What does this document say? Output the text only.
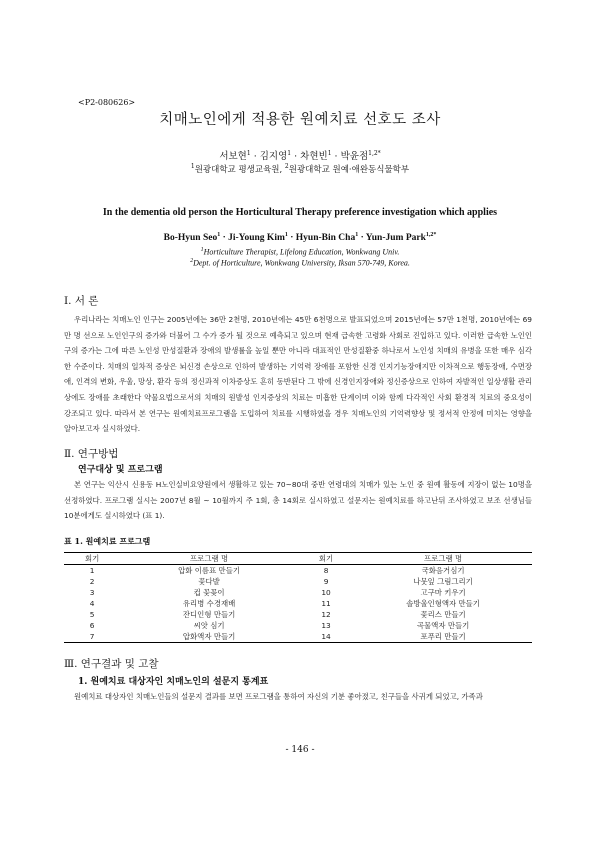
<P2-080626>
치매노인에게 적용한 원예치료 선호도 조사
서보현$^1$ · 김지영$^1$ · 차현빈$^1$ · 박윤점$^{1,2*}$
$^1$원광대학교 평생교육원, $^2$원광대학교 원예·애완동식물학부
In the dementia old person the Horticultural Therapy preference investigation which applies
Bo-Hyun Seo$^1$ · Ji-Young Kim$^1$ · Hyun-Bin Cha$^1$ · Yun-Jum Park$^{1,2*}$
$^1$Horticulture Therapist, Lifelong Education, Wonkwang Univ.
$^2$Dept. of Horticulture, Wonkwang University, Iksan 570-749, Korea.
Ⅰ. 서 론

우리나라는 치매노인 인구는 2005년에는 36만 2천명, 2010년에는 45만 6천명으로 발표되었으며 2015년에는 57만 1천명, 2010년에는 69만 명 선으로 노인인구의 증가와 더불어 그 수가 증가 될 것으로 예측되고 있으며 현재 급속한 고령화 사회로 진입하고 있다. 이러한 급속한 노인인구의 증가는 그에 따른 노인성 만성질환과 장애의 발생률을 높일 뿐만 아니라 대표적인 만성질환중 하나로서 노인성 치매의 유병을 또한 매우 심각한 수준이다. 치매의 일차적 증상은 뇌신경 손상으로 인하여 발생하는 기억력 장애를 포함한 신경 인지기능장애지만 이차적으로 행동장애, 수면장애, 인격의 변화, 우울, 망상, 환각 등의 정신과적 이차증상도 흔히 동반된다 그 밖에 신경인지장애와 정신증상으로 인하여 자발적인 일상생활 관리상에도 장애를 초래한다 약물요법으로서의 치매의 원발성 인지증상의 치료는 미흡한 단계이며 이와 함께 다각적인 사회 환경적 치료의 중요성이 강조되고 있다. 따라서 본 연구는 원예치료프로그램을 도입하여 치료를 시행하였을 경우 치매노인의 기억력향상 및 정서적 안정에 미치는 영향을 알아보고자 실시하였다.

Ⅱ. 연구방법
연구대상 및 프로그램

본 연구는 익산시 신용동 H노인실비요양원에서 생활하고 있는 70~80대 중반 연령대의 치매가 있는 노인 중 원예 활동에 지장이 없는 10명을 선정하였다. 프로그램 실시는 2007년 8월 ~ 10월까지 주 1회, 총 14회로 실시하였고 설문지는 원예치료를 하고난뒤 조사하였고 보조 선생님들 10분에게도 실시하였다 (표 1).

표 1. 원예치료 프로그램
회기	프로그램 명	회기	프로그램 명
1	압화 이름표 만들기	8	국화음거심기
2	꽃다발	9	나뭇잎 그림그리기
3	컵 꽃꽂이	10	고구마 키우기
4	유리병 수경재배	11	솔방울인형액자 만들기
5	잔디인형 만들기	12	꽃리스 만들기
6	씨앗 심기	13	곡물액자 만들기
7	압화액자 만들기	14	포푸리 만들기
Ⅲ. 연구결과 및 고찰
1. 원예치료 대상자인 치매노인의 설문지 통계표

원예치료 대상자인 치매노인들의 설문지 결과를 보면 프로그램을 통하여 자신의 기분 좋아졌고, 친구들을 사귀게 되었고, 가족과

- 146 -
